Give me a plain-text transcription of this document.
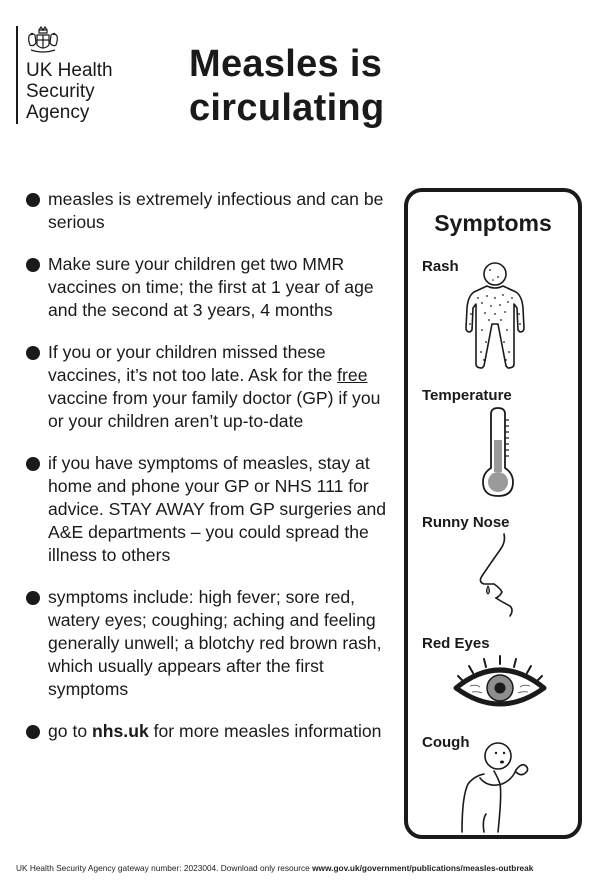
UK Health
Security
Agency
Measles is
circulating
measles is extremely infectious and can be serious
Make sure your children get two MMR vaccines on time; the first at 1 year of age and the second at 3 years, 4 months
If you or your children missed these vaccines, it’s not too late. Ask for the free vaccine from your family doctor (GP) if you or your children aren’t up-to-date
if you have symptoms of measles, stay at home and phone your GP or NHS 111 for advice. STAY AWAY from GP surgeries and A&E departments – you could spread the illness to others
symptoms include: high fever; sore red, watery eyes; coughing; aching and feeling generally unwell; a blotchy red brown rash, which usually appears after the first symptoms
go to nhs.uk for more measles information
Symptoms
Rash
Temperature
Runny Nose
Red Eyes
Cough
UK Health Security Agency gateway number: 2023004. Download only resource www.gov.uk/government/publications/measles-outbreak
